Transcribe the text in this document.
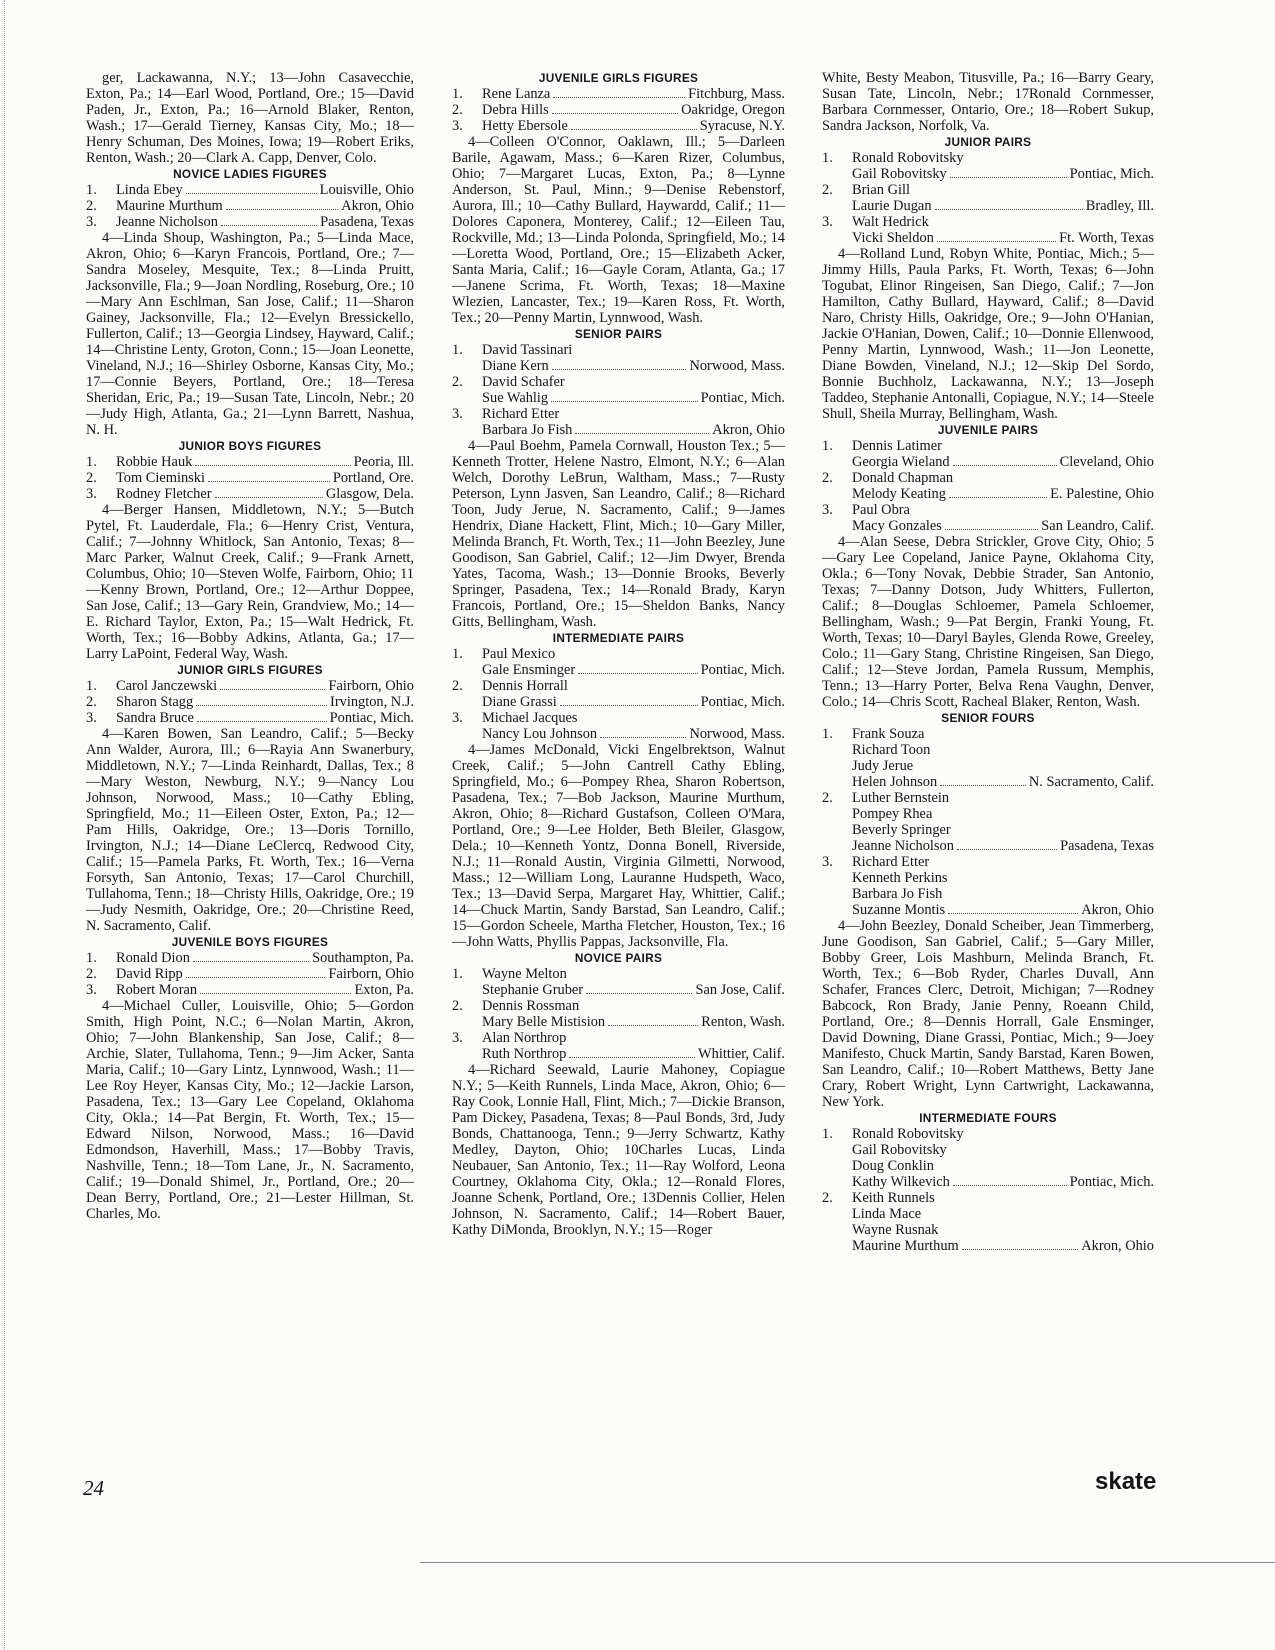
ger, Lackawanna, N.Y.; 13—John Casavecchie, Exton, Pa.; 14—Earl Wood, Portland, Ore.; 15—David Paden, Jr., Exton, Pa.; 16—Arnold Blaker, Renton, Wash.; 17—Gerald Tierney, Kansas City, Mo.; 18—Henry Schuman, Des Moines, Iowa; 19—Robert Eriks, Renton, Wash.; 20—Clark A. Capp, Denver, Colo.

NOVICE LADIES FIGURES
1.	Linda Ebey	Louisville, Ohio
2.	Maurine Murthum	Akron, Ohio
3.	Jeanne Nicholson	Pasadena, Texas

4—Linda Shoup, Washington, Pa.; 5—Linda Mace, Akron, Ohio; 6—Karyn Francois, Portland, Ore.; 7—Sandra Moseley, Mesquite, Tex.; 8—Linda Pruitt, Jacksonville, Fla.; 9—Joan Nordling, Roseburg, Ore.; 10—Mary Ann Eschlman, San Jose, Calif.; 11—Sharon Gainey, Jacksonville, Fla.; 12—Evelyn Bressickello, Fullerton, Calif.; 13—Georgia Lindsey, Hayward, Calif.; 14—Christine Lenty, Groton, Conn.; 15—Joan Leonette, Vineland, N.J.; 16—Shirley Osborne, Kansas City, Mo.; 17—Connie Beyers, Portland, Ore.; 18—Teresa Sheridan, Eric, Pa.; 19—Susan Tate, Lincoln, Nebr.; 20—Judy High, Atlanta, Ga.; 21—Lynn Barrett, Nashua, N. H.

JUNIOR BOYS FIGURES
1.	Robbie Hauk	Peoria, Ill.
2.	Tom Cieminski	Portland, Ore.
3.	Rodney Fletcher	Glasgow, Dela.

4—Berger Hansen, Middletown, N.Y.; 5—Butch Pytel, Ft. Lauderdale, Fla.; 6—Henry Crist, Ventura, Calif.; 7—Johnny Whitlock, San Antonio, Texas; 8—Marc Parker, Walnut Creek, Calif.; 9—Frank Arnett, Columbus, Ohio; 10—Steven Wolfe, Fairborn, Ohio; 11—Kenny Brown, Portland, Ore.; 12—Arthur Doppee, San Jose, Calif.; 13—Gary Rein, Grandview, Mo.; 14—E. Richard Taylor, Exton, Pa.; 15—Walt Hedrick, Ft. Worth, Tex.; 16—Bobby Adkins, Atlanta, Ga.; 17—Larry LaPoint, Federal Way, Wash.

JUNIOR GIRLS FIGURES
1.	Carol Janczewski	Fairborn, Ohio
2.	Sharon Stagg	Irvington, N.J.
3.	Sandra Bruce	Pontiac, Mich.

4—Karen Bowen, San Leandro, Calif.; 5—Becky Ann Walder, Aurora, Ill.; 6—Rayia Ann Swanerbury, Middletown, N.Y.; 7—Linda Reinhardt, Dallas, Tex.; 8—Mary Weston, Newburg, N.Y.; 9—Nancy Lou Johnson, Norwood, Mass.; 10—Cathy Ebling, Springfield, Mo.; 11—Eileen Oster, Exton, Pa.; 12—Pam Hills, Oakridge, Ore.; 13—Doris Tornillo, Irvington, N.J.; 14—Diane LeClercq, Redwood City, Calif.; 15—Pamela Parks, Ft. Worth, Tex.; 16—Verna Forsyth, San Antonio, Texas; 17—Carol Churchill, Tullahoma, Tenn.; 18—Christy Hills, Oakridge, Ore.; 19—Judy Nesmith, Oakridge, Ore.; 20—Christine Reed, N. Sacramento, Calif.

JUVENILE BOYS FIGURES
1.	Ronald Dion	Southampton, Pa.
2.	David Ripp	Fairborn, Ohio
3.	Robert Moran	Exton, Pa.

4—Michael Culler, Louisville, Ohio; 5—Gordon Smith, High Point, N.C.; 6—Nolan Martin, Akron, Ohio; 7—John Blankenship, San Jose, Calif.; 8—Archie, Slater, Tullahoma, Tenn.; 9—Jim Acker, Santa Maria, Calif.; 10—Gary Lintz, Lynnwood, Wash.; 11—Lee Roy Heyer, Kansas City, Mo.; 12—Jackie Larson, Pasadena, Tex.; 13—Gary Lee Copeland, Oklahoma City, Okla.; 14—Pat Bergin, Ft. Worth, Tex.; 15—Edward Nilson, Norwood, Mass.; 16—David Edmondson, Haverhill, Mass.; 17—Bobby Travis, Nashville, Tenn.; 18—Tom Lane, Jr., N. Sacramento, Calif.; 19—Donald Shimel, Jr., Portland, Ore.; 20—Dean Berry, Portland, Ore.; 21—Lester Hillman, St. Charles, Mo.

JUVENILE GIRLS FIGURES
1.	Rene Lanza	Fitchburg, Mass.
2.	Debra Hills	Oakridge, Oregon
3.	Hetty Ebersole	Syracuse, N.Y.

4—Colleen O'Connor, Oaklawn, Ill.; 5—Darleen Barile, Agawam, Mass.; 6—Karen Rizer, Columbus, Ohio; 7—Margaret Lucas, Exton, Pa.; 8—Lynne Anderson, St. Paul, Minn.; 9—Denise Rebenstorf, Aurora, Ill.; 10—Cathy Bullard, Haywardd, Calif.; 11—Dolores Caponera, Monterey, Calif.; 12—Eileen Tau, Rockville, Md.; 13—Linda Polonda, Springfield, Mo.; 14—Loretta Wood, Portland, Ore.; 15—Elizabeth Acker, Santa Maria, Calif.; 16—Gayle Coram, Atlanta, Ga.; 17—Janene Scrima, Ft. Worth, Texas; 18—Maxine Wlezien, Lancaster, Tex.; 19—Karen Ross, Ft. Worth, Tex.; 20—Penny Martin, Lynnwood, Wash.

SENIOR PAIRS
1.	David Tassinari
Diane Kern	Norwood, Mass.
2.	David Schafer
Sue Wahlig	Pontiac, Mich.
3.	Richard Etter
Barbara Jo Fish	Akron, Ohio

4—Paul Boehm, Pamela Cornwall, Houston Tex.; 5—Kenneth Trotter, Helene Nastro, Elmont, N.Y.; 6—Alan Welch, Dorothy LeBrun, Waltham, Mass.; 7—Rusty Peterson, Lynn Jasven, San Leandro, Calif.; 8—Richard Toon, Judy Jerue, N. Sacramento, Calif.; 9—James Hendrix, Diane Hackett, Flint, Mich.; 10—Gary Miller, Melinda Branch, Ft. Worth, Tex.; 11—John Beezley, June Goodison, San Gabriel, Calif.; 12—Jim Dwyer, Brenda Yates, Tacoma, Wash.; 13—Donnie Brooks, Beverly Springer, Pasadena, Tex.; 14—Ronald Brady, Karyn Francois, Portland, Ore.; 15—Sheldon Banks, Nancy Gitts, Bellingham, Wash.

INTERMEDIATE PAIRS
1.	Paul Mexico
Gale Ensminger	Pontiac, Mich.
2.	Dennis Horrall
Diane Grassi	Pontiac, Mich.
3.	Michael Jacques
Nancy Lou Johnson	Norwood, Mass.

4—James McDonald, Vicki Engelbrektson, Walnut Creek, Calif.; 5—John Cantrell Cathy Ebling, Springfield, Mo.; 6—Pompey Rhea, Sharon Robertson, Pasadena, Tex.; 7—Bob Jackson, Maurine Murthum, Akron, Ohio; 8—Richard Gustafson, Colleen O'Mara, Portland, Ore.; 9—Lee Holder, Beth Bleiler, Glasgow, Dela.; 10—Kenneth Yontz, Donna Bonell, Riverside, N.J.; 11—Ronald Austin, Virginia Gilmetti, Norwood, Mass.; 12—William Long, Lauranne Hudspeth, Waco, Tex.; 13—David Serpa, Margaret Hay, Whittier, Calif.; 14—Chuck Martin, Sandy Barstad, San Leandro, Calif.; 15—Gordon Scheele, Martha Fletcher, Houston, Tex.; 16—John Watts, Phyllis Pappas, Jacksonville, Fla.

NOVICE PAIRS
1.	Wayne Melton
Stephanie Gruber	San Jose, Calif.
2.	Dennis Rossman
Mary Belle Mistision	Renton, Wash.
3.	Alan Northrop
Ruth Northrop	Whittier, Calif.

4—Richard Seewald, Laurie Mahoney, Copiague N.Y.; 5—Keith Runnels, Linda Mace, Akron, Ohio; 6—Ray Cook, Lonnie Hall, Flint, Mich.; 7—Dickie Branson, Pam Dickey, Pasadena, Texas; 8—Paul Bonds, 3rd, Judy Bonds, Chattanooga, Tenn.; 9—Jerry Schwartz, Kathy Medley, Dayton, Ohio; 10Charles Lucas, Linda Neubauer, San Antonio, Tex.; 11—Ray Wolford, Leona Courtney, Oklahoma City, Okla.; 12—Ronald Flores, Joanne Schenk, Portland, Ore.; 13Dennis Collier, Helen Johnson, N. Sacramento, Calif.; 14—Robert Bauer, Kathy DiMonda, Brooklyn, N.Y.; 15—Roger

White, Besty Meabon, Titusville, Pa.; 16—Barry Geary, Susan Tate, Lincoln, Nebr.; 17Ronald Cornmesser, Barbara Cornmesser, Ontario, Ore.; 18—Robert Sukup, Sandra Jackson, Norfolk, Va.

JUNIOR PAIRS
1.	Ronald Robovitsky
Gail Robovitsky	Pontiac, Mich.
2.	Brian Gill
Laurie Dugan	Bradley, Ill.
3.	Walt Hedrick
Vicki Sheldon	Ft. Worth, Texas

4—Rolland Lund, Robyn White, Pontiac, Mich.; 5—Jimmy Hills, Paula Parks, Ft. Worth, Texas; 6—John Togubat, Elinor Ringeisen, San Diego, Calif.; 7—Jon Hamilton, Cathy Bullard, Hayward, Calif.; 8—David Naro, Christy Hills, Oakridge, Ore.; 9—John O'Hanian, Jackie O'Hanian, Dowen, Calif.; 10—Donnie Ellenwood, Penny Martin, Lynnwood, Wash.; 11—Jon Leonette, Diane Bowden, Vineland, N.J.; 12—Skip Del Sordo, Bonnie Buchholz, Lackawanna, N.Y.; 13—Joseph Taddeo, Stephanie Antonalli, Copiague, N.Y.; 14—Steele Shull, Sheila Murray, Bellingham, Wash.

JUVENILE PAIRS
1.	Dennis Latimer
Georgia Wieland	Cleveland, Ohio
2.	Donald Chapman
Melody Keating	E. Palestine, Ohio
3.	Paul Obra
Macy Gonzales	San Leandro, Calif.

4—Alan Seese, Debra Strickler, Grove City, Ohio; 5—Gary Lee Copeland, Janice Payne, Oklahoma City, Okla.; 6—Tony Novak, Debbie Strader, San Antonio, Texas; 7—Danny Dotson, Judy Whitters, Fullerton, Calif.; 8—Douglas Schloemer, Pamela Schloemer, Bellingham, Wash.; 9—Pat Bergin, Franki Young, Ft. Worth, Texas; 10—Daryl Bayles, Glenda Rowe, Greeley, Colo.; 11—Gary Stang, Christine Ringeisen, San Diego, Calif.; 12—Steve Jordan, Pamela Russum, Memphis, Tenn.; 13—Harry Porter, Belva Rena Vaughn, Denver, Colo.; 14—Chris Scott, Racheal Blaker, Renton, Wash.

SENIOR FOURS
1.	Frank Souza
Richard Toon
Judy Jerue
Helen Johnson	N. Sacramento, Calif.
2.	Luther Bernstein
Pompey Rhea
Beverly Springer
Jeanne Nicholson	Pasadena, Texas
3.	Richard Etter
Kenneth Perkins
Barbara Jo Fish
Suzanne Montis	Akron, Ohio

4—John Beezley, Donald Scheiber, Jean Timmerberg, June Goodison, San Gabriel, Calif.; 5—Gary Miller, Bobby Greer, Lois Mashburn, Melinda Branch, Ft. Worth, Tex.; 6—Bob Ryder, Charles Duvall, Ann Schafer, Frances Clerc, Detroit, Michigan; 7—Rodney Babcock, Ron Brady, Janie Penny, Roeann Child, Portland, Ore.; 8—Dennis Horrall, Gale Ensminger, David Downing, Diane Grassi, Pontiac, Mich.; 9—Joey Manifesto, Chuck Martin, Sandy Barstad, Karen Bowen, San Leandro, Calif.; 10—Robert Matthews, Betty Jane Crary, Robert Wright, Lynn Cartwright, Lackawanna, New York.

INTERMEDIATE FOURS
1.	Ronald Robovitsky
Gail Robovitsky
Doug Conklin
Kathy Wilkevich	Pontiac, Mich.
2.	Keith Runnels
Linda Mace
Wayne Rusnak
Maurine Murthum	Akron, Ohio
24	skate
